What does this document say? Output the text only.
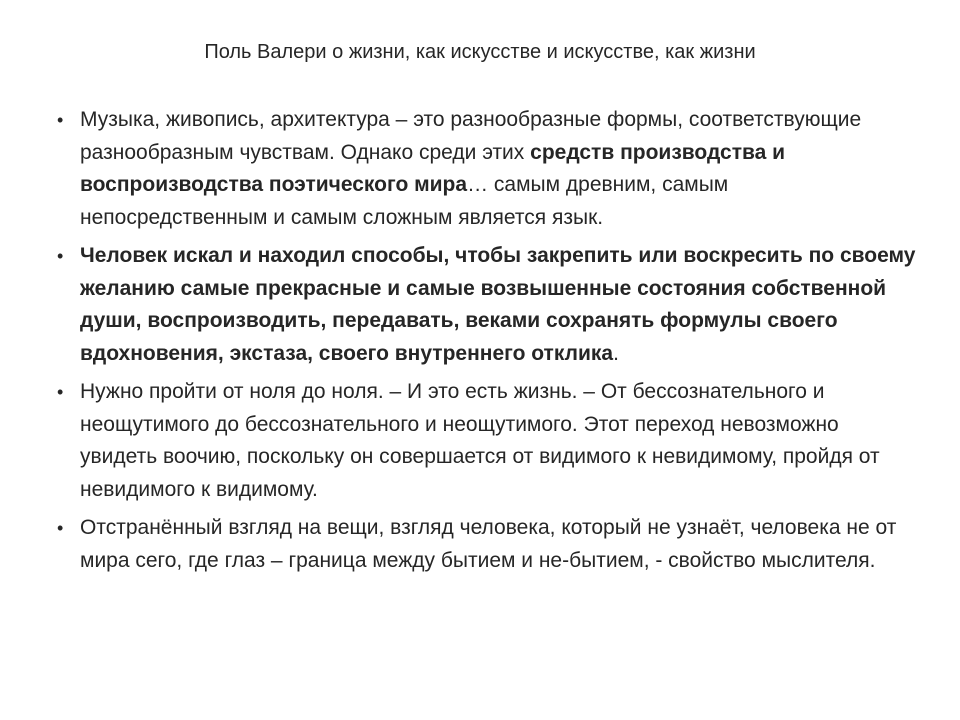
Поль Валери о жизни, как искусстве и искусстве, как жизни
• Музыка, живопись, архитектура – это разнообразные формы, соответствующие разнообразным чувствам. Однако среди этих средств производства и воспроизводства поэтического мира… самым древним, самым непосредственным и самым сложным является язык.
• Человек искал и находил способы, чтобы закрепить или воскресить по своему желанию самые прекрасные и самые возвышенные состояния собственной души, воспроизводить, передавать, веками сохранять формулы своего вдохновения, экстаза, своего внутреннего отклика.
• Нужно пройти от ноля до ноля. – И это есть жизнь. – От бессознательного и неощутимого до бессознательного и неощутимого. Этот переход невозможно увидеть воочию, поскольку он совершается от видимого к невидимому, пройдя от невидимого к видимому.
• Отстранённый взгляд на вещи, взгляд человека, который не узнаёт, человека не от мира сего, где глаз – граница между бытием и не-бытием, - свойство мыслителя.
